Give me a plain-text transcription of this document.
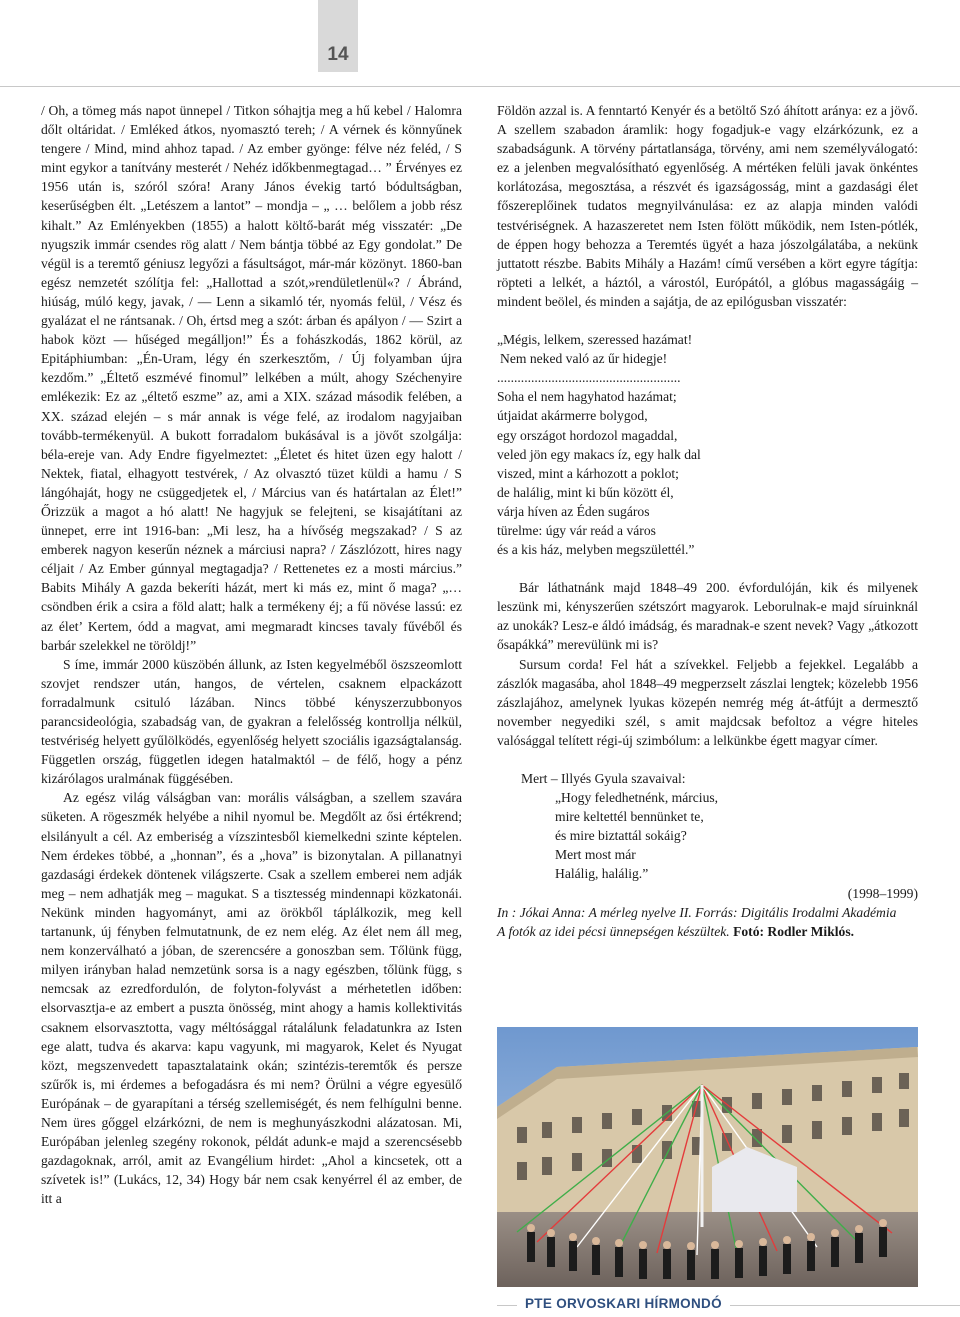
14

/ Oh, a tömeg más napot ünnepel / Titkon sóhajtja meg a hű kebel / Halomra dőlt oltáridat. / Emléked átkos, nyomasztó tereh; / A vérnek és könnyűnek tengere / Mind, mind ahhoz tapad. / Az ember gyönge: félve néz feléd, / S mint egykor a tanítvány mesterét / Nehéz időkbenmegtagad… ” Érvényes ez 1956 után is, szóról szóra! Arany János évekig tartó bódultságban, keserűségben élt. „Letészem a lantot” – mondja – „ … belőlem a jobb rész kihalt.” Az Emlényekben (1855) a halott költő-barát még visszatér: „De nyugszik immár csendes rög alatt / Nem bántja többé az Egy gondolat.” De végül is a teremtő géniusz legyőzi a fásultságot, már-már közönyt. 1860-ban egész nemzetét szólítja fel: „Hallottad a szót,»rendületlenül«? / Ábránd, hiúság, múló kegy, javak, / — Lenn a sikamló tér, nyomás felül, / Vész és gyalázat el ne rántsanak. / Oh, értsd meg a szót: árban és apályon / — Szirt a habok közt — hűséged megálljon!” És a fohászkodás, 1862 körül, az Epitáphiumban: „Én-Uram, légy én szerkesztőm, / Új folyamban újra kezdőm.” „Éltető eszmévé finomul” lelkében a múlt, ahogy Széchenyire emlékezik: Ez az „éltető eszme” az, ami a XIX. század második felében, a XX. század elején – s már annak is vége felé, az irodalom nagyjaiban tovább-termékenyül. A bukott forradalom bukásával is a jövőt szolgálja: béla-ereje van. Ady Endre figyelmeztet: „Életet és hitet üzen egy halott / Nektek, fiatal, elhagyott testvérek, / Az olvasztó tüzet küldi a hamu / S lángóhaját, hogy ne csüggedjetek el, / Március van és határtalan az Élet!” Őrizzük a magot a hó alatt! Ne hagyjuk se felejteni, se kisajátítani az ünnepet, erre int 1916-ban: „Mi lesz, ha a hívőség megszakad? / S az emberek nagyon keserűn néznek a márciusi napra? / Zászlózott, hires nagy céljait / Az Ember gúnnyal megtagadja? / Rettenetes ez a mosti március.” Babits Mihály A gazda bekeríti házát, mert ki más ez, mint ő maga? „…csöndben érik a csira a föld alatt; halk a termékeny éj; a fű növése lassú: ez az élet’ Kertem, ódd a magvat, ami megmaradt kincses tavaly fűvéből és barbár szelekkel ne töröldj!”

S íme, immár 2000 küszöbén állunk, az Isten kegyelméből öszszeomlott szovjet rendszer után, hangos, de vértelen, csaknem elpackázott forradalmunk csituló lázában. Nincs többé kényszerzubbonyos parancsideológia, szabadság van, de gyakran a felelősség kontrollja nélkül, testvériség helyett gyűlölködés, egyenlőség helyett szociális igazságtalanság. Független ország, független idegen hatalmaktól – de félő, hogy a pénz kizárólagos uralmának függésében.

Az egész világ válságban van: morális válságban, a szellem szavára süketen. A rögeszmék helyébe a nihil nyomul be. Megdőlt az ősi értékrend; elsilányult a cél. Az emberiség a vízszintesből kiemelkedni szinte képtelen. Nem érdekes többé, a „honnan”, és a „hova” is bizonytalan. A pillanatnyi gazdasági érdekek döntenek világszerte. Csak a szellem emberei nem adják meg – nem adhatják meg – magukat. S a tisztesség mindennapi közkatonái. Nekünk minden hagyományt, ami az örökből táplálkozik, meg kell tartanunk, új fényben felmutatnunk, de ez nem elég. Az élet nem áll meg, nem konzerválható a jóban, de szerencsére a gonoszban sem. Tőlünk függ, milyen irányban halad nemzetünk sorsa is a nagy egészben, tőlünk függ, s nemcsak az ezredfordulón, de folyton-folyvást a mérhetetlen időben: elsorvasztja-e az embert a puszta önösség, mint ahogy a hamis kollektivitás csaknem elsorvasztotta, vagy méltósággal rátalálunk feladatunkra az Isten ege alatt, tudva és akarva: kapu vagyunk, mi magyarok, Kelet és Nyugat közt, megszenvedett tapasztalataink okán; szintézis-teremtők és persze szűrők is, mi érdemes a befogadásra és mi nem? Örülni a végre egyesülő Európának – de gyarapítani a térség szellemiségét, és nem felhígulni benne. Nem üres gőggel elzárkózni, de nem is meghunyászkodni alázatosan. Mi, Európában jelenleg szegény rokonok, példát adunk-e majd a szerencsésebb gazdagoknak, arról, amit az Evangélium hirdet: „Ahol a kincsetek, ott a szívetek is!” (Lukács, 12, 34) Hogy bár nem csak kenyérrel él az ember, de itt a

Földön azzal is. A fenntartó Kenyér és a betöltő Szó áhított aránya: ez a jövő. A szellem szabadon áramlik: hogy fogadjuk-e vagy elzárkózunk, ez a szabadságunk. A törvény pártatlansága, törvény, ami nem személyválogató: ez a jelenben megvalósítható egyenlőség. A mértéken felüli javak önkéntes korlátozása, megosztása, a részvét és igazságosság, mint a gazdasági élet főszereplőinek tudatos megnyilvánulása: ez az alapja minden valódi testvériségnek. A hazaszeretet nem Isten fölött működik, nem Isten-pótlék, de éppen hogy behozza a Teremtés ügyét a haza jószolgálatába, a nekünk juttatott részbe. Babits Mihály a Hazám! című versében a kört egyre tágítja: röpteti a lelkét, a háztól, a várostól, Európától, a glóbus magasságáig – mindent beölel, és minden a sajátja, de az epilógusban visszatér:

„Mégis, lelkem, szeressed hazámat!
Nem neked való az űr hidegje!
......................................................
Soha el nem hagyhatod hazámat;
útjaidat akármerre bolygod,
egy országot hordozol magaddal,
veled jön egy makacs íz, egy halk dal
viszed, mint a kárhozott a poklot;
de halálig, mint ki bűn között él,
várja híven az Éden sugáros
türelme: úgy vár reád a város
és a kis ház, melyben megszülettél.”

Bár láthatnánk majd 1848–49 200. évfordulóján, kik és milyenek leszünk mi, kényszerűen szétszórt magyarok. Leborulnak-e majd síruinknál az unokák? Lesz-e áldó imádság, és maradnak-e szent nevek? Vagy „átkozott ősapákká” merevülünk mi is?

Sursum corda! Fel hát a szívekkel. Feljebb a fejekkel. Legalább a zászlók magasába, ahol 1848–49 megperzselt zászlai lengtek; közelebb 1956 zászlajához, amelynek lyukas közepén nemrég még át-átfújt a dermesztő november negyediki szél, s amit majdcsak befoltoz a végre hiteles valósággal telített régi-új szimbólum: a lelkünkbe égett magyar címer.

Mert – Illyés Gyula szavaival:
„Hogy feledhetnénk, március,
mire keltettél bennünket te,
és mire biztattál sokáig?
Mert most már
Halálig, halálig.”

(1998–1999)

In : Jókai Anna: A mérleg nyelve II. Forrás: Digitális Irodalmi Akadémia

A fotók az idei pécsi ünnepségen készültek. Fotó: Rodler Miklós.

PTE ORVOSKARI HÍRMONDÓ
